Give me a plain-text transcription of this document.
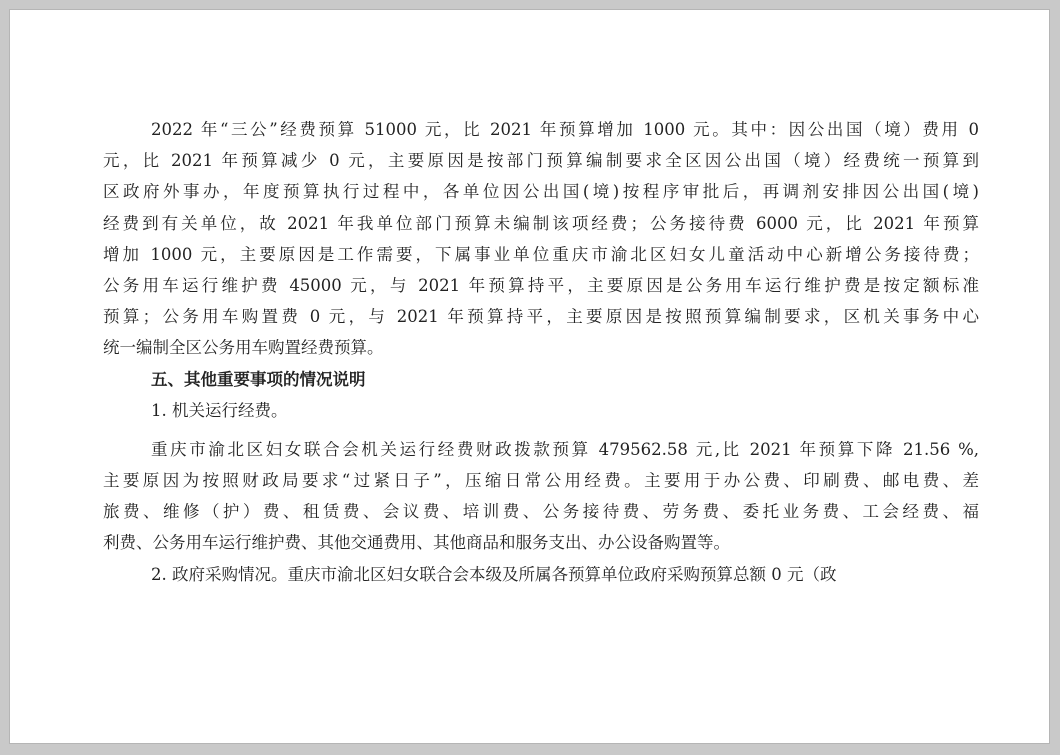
2022 年“三公”经费预算 51000 元，比 2021 年预算增加 1000 元。其中：因公出国（境）费用 0
元，比 2021 年预算减少 0 元，主要原因是按部门预算编制要求全区因公出国（境）经费统一预算到
区政府外事办，年度预算执行过程中，各单位因公出国(境)按程序审批后，再调剂安排因公出国(境)
经费到有关单位，故 2021 年我单位部门预算未编制该项经费；公务接待费 6000 元，比 2021 年预算
增加 1000 元，主要原因是工作需要，下属事业单位重庆市渝北区妇女儿童活动中心新增公务接待费；
公务用车运行维护费 45000 元，与 2021 年预算持平，主要原因是公务用车运行维护费是按定额标准
预算；公务用车购置费 0 元，与 2021 年预算持平，主要原因是按照预算编制要求，区机关事务中心
统一编制全区公务用车购置经费预算。
五、其他重要事项的情况说明
1. 机关运行经费。
重庆市渝北区妇女联合会机关运行经费财政拨款预算 479562.58 元,比 2021 年预算下降 21.56 %,
主要原因为按照财政局要求“过紧日子”，压缩日常公用经费。主要用于办公费、印刷费、邮电费、差
旅费、维修（护）费、租赁费、会议费、培训费、公务接待费、劳务费、委托业务费、工会经费、福
利费、公务用车运行维护费、其他交通费用、其他商品和服务支出、办公设备购置等。
2. 政府采购情况。重庆市渝北区妇女联合会本级及所属各预算单位政府采购预算总额 0 元（政
